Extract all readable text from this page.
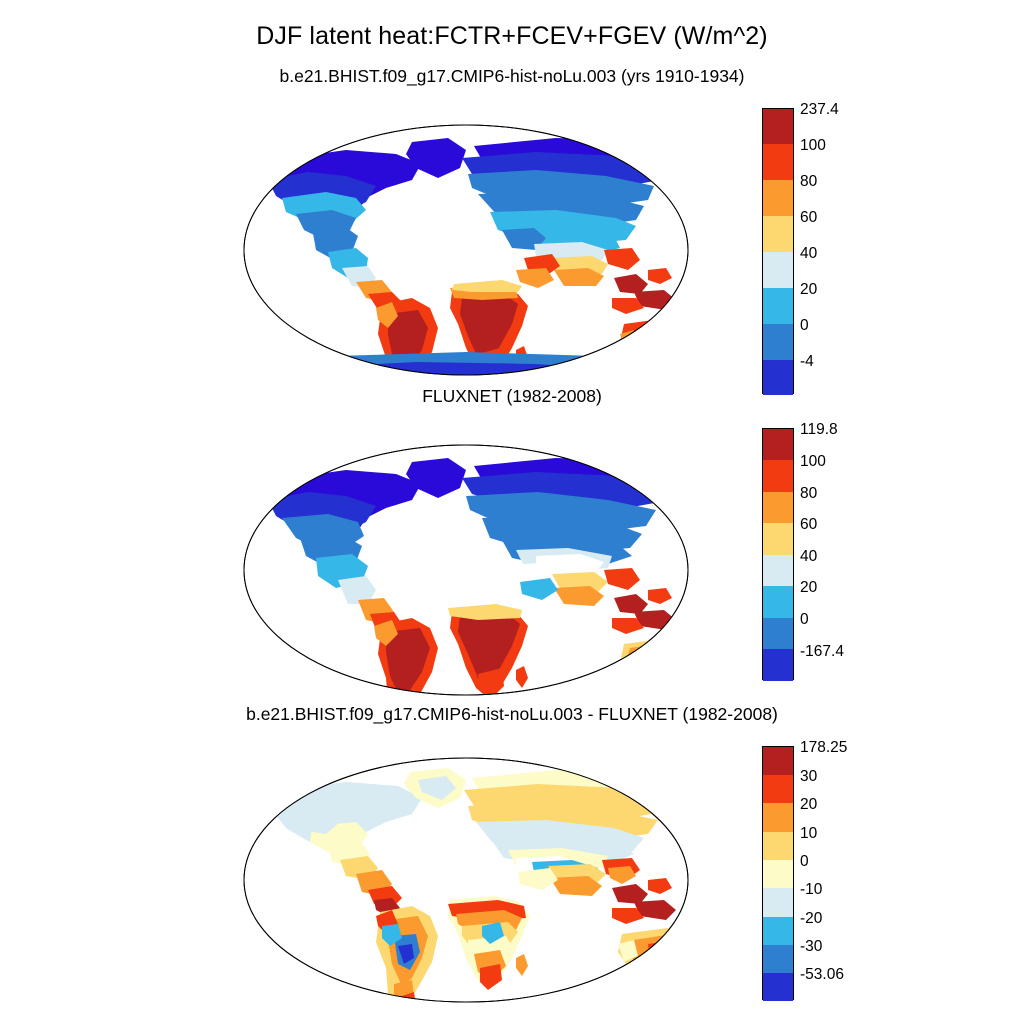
DJF latent heat:FCTR+FCEV+FGEV (W/m^2)
b.e21.BHIST.f09_g17.CMIP6-hist-noLu.003 (yrs 1910-1934)
237.4
100
80
60
40
20
0
-4
FLUXNET (1982-2008)
119.8
100
80
60
40
20
0
-167.4
b.e21.BHIST.f09_g17.CMIP6-hist-noLu.003 - FLUXNET (1982-2008)
178.25
30
20
10
0
-10
-20
-30
-53.06
